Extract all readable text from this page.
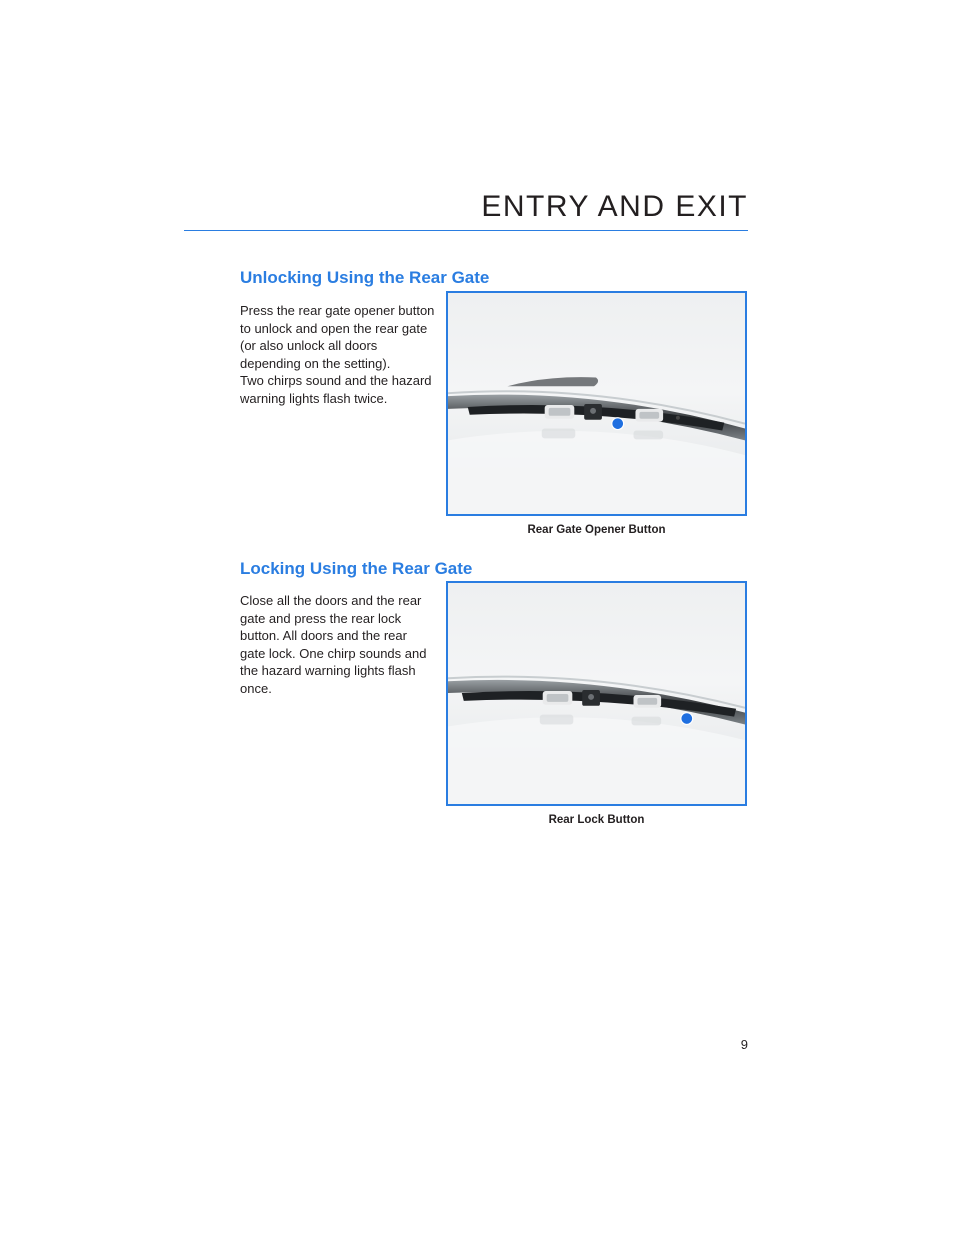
ENTRY AND EXIT
Unlocking Using the Rear Gate
Press the rear gate opener button
to unlock and open the rear gate
(or also unlock all doors
depending on the setting).
Two chirps sound and the hazard
warning lights flash twice.
Rear Gate Opener Button
Locking Using the Rear Gate
Close all the doors and the rear
gate and press the rear lock
button. All doors and the rear
gate lock. One chirp sounds and
the hazard warning lights flash
once.
Rear Lock Button
9
